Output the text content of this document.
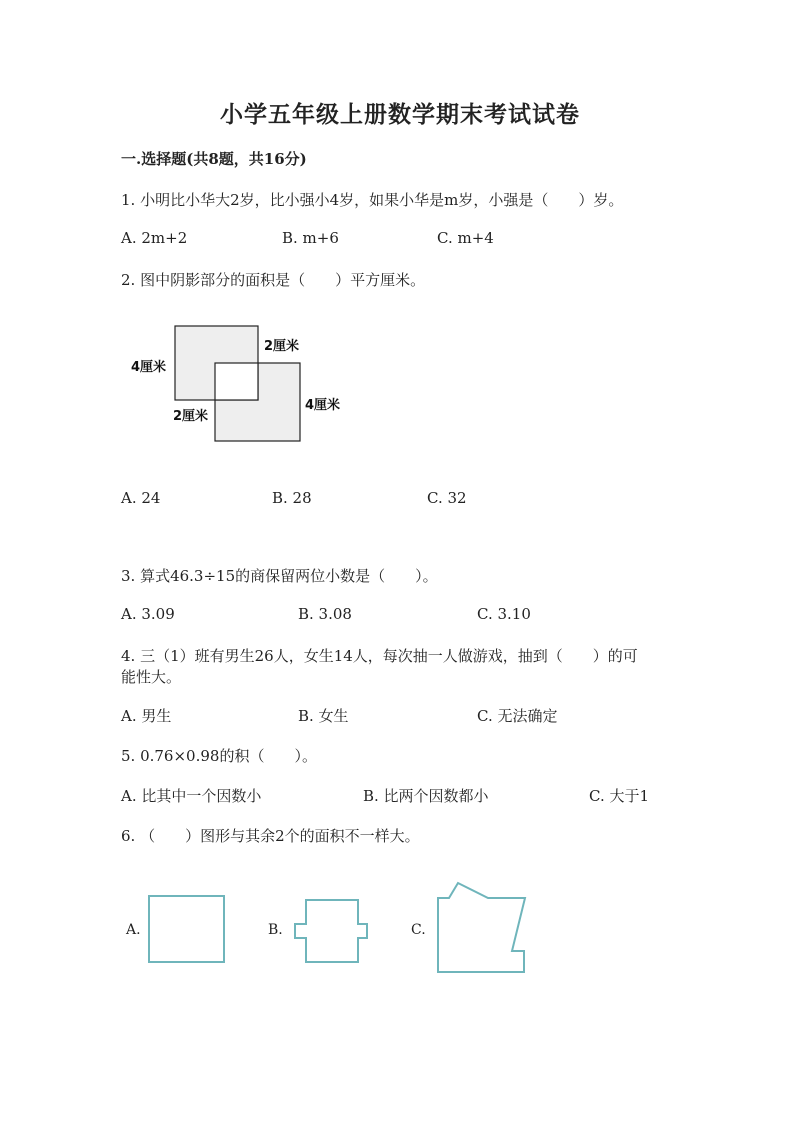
小学五年级上册数学期末考试试卷
一.选择题(共8题，共16分)
1. 小明比小华大2岁，比小强小4岁，如果小华是m岁，小强是（　　）岁。
A. 2m+2	B. m+6	C. m+4
2. 图中阴影部分的面积是（　　）平方厘米。
4厘米
2厘米
2厘米
4厘米
A. 24	B. 28	C. 32
3. 算式46.3÷15的商保留两位小数是（　　）。
A. 3.09	B. 3.08	C. 3.10
4. 三（1）班有男生26人，女生14人，每次抽一人做游戏，抽到（　　）的可
能性大。
A. 男生	B. 女生	C. 无法确定
5. 0.76×0.98的积（　　）。
A. 比其中一个因数小	B. 比两个因数都小	C. 大于1
6. （　　）图形与其余2个的面积不一样大。
A.	B.	C.
